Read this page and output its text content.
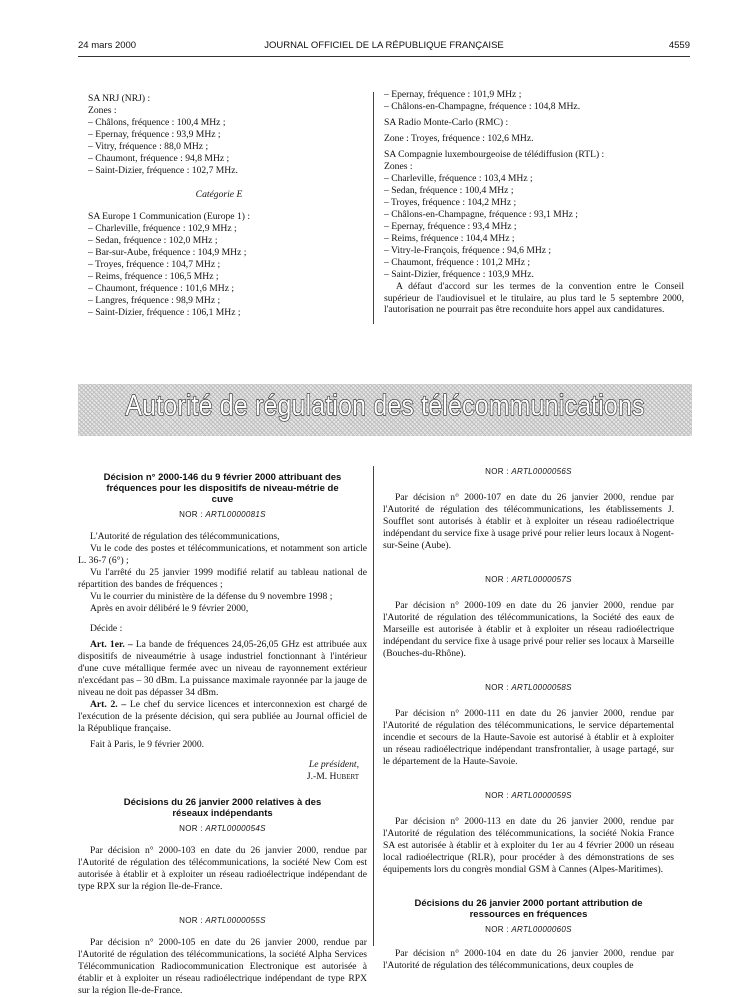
24 mars 2000	JOURNAL OFFICIEL DE LA RÉPUBLIQUE FRANÇAISE	4559

SA NRJ (NRJ) :

Zones :

– Châlons, fréquence : 100,4 MHz ;

– Epernay, fréquence : 93,9 MHz ;

– Vitry, fréquence : 88,0 MHz ;

– Chaumont, fréquence : 94,8 MHz ;

– Saint-Dizier, fréquence : 102,7 MHz.

Catégorie E

SA Europe 1 Communication (Europe 1) :

– Charleville, fréquence : 102,9 MHz ;

– Sedan, fréquence : 102,0 MHz ;

– Bar-sur-Aube, fréquence : 104,9 MHz ;

– Troyes, fréquence : 104,7 MHz ;

– Reims, fréquence : 106,5 MHz ;

– Chaumont, fréquence : 101,6 MHz ;

– Langres, fréquence : 98,9 MHz ;

– Saint-Dizier, fréquence : 106,1 MHz ;

– Epernay, fréquence : 101,9 MHz ;

– Châlons-en-Champagne, fréquence : 104,8 MHz.

SA Radio Monte-Carlo (RMC) :

Zone : Troyes, fréquence : 102,6 MHz.

SA Compagnie luxembourgeoise de télédiffusion (RTL) :

Zones :

– Charleville, fréquence : 103,4 MHz ;

– Sedan, fréquence : 100,4 MHz ;

– Troyes, fréquence : 104,2 MHz ;

– Châlons-en-Champagne, fréquence : 93,1 MHz ;

– Epernay, fréquence : 93,4 MHz ;

– Reims, fréquence : 104,4 MHz ;

– Vitry-le-François, fréquence : 94,6 MHz ;

– Chaumont, fréquence : 101,2 MHz ;

– Saint-Dizier, fréquence : 103,9 MHz.

A défaut d'accord sur les termes de la convention entre le Conseil supérieur de l'audiovisuel et le titulaire, au plus tard le 5 septembre 2000, l'autorisation ne pourrait pas être reconduite hors appel aux candidatures.

Autorité de régulation des télécommunications

Décision n° 2000-146 du 9 février 2000 attribuant des fréquences pour les dispositifs de niveau-métrie de cuve

NOR : ARTL0000081S

L'Autorité de régulation des télécommunications,

Vu le code des postes et télécommunications, et notamment son article L. 36-7 (6°) ;

Vu l'arrêté du 25 janvier 1999 modifié relatif au tableau national de répartition des bandes de fréquences ;

Vu le courrier du ministère de la défense du 9 novembre 1998 ;

Après en avoir délibéré le 9 février 2000,

Décide :

Art. 1er. – La bande de fréquences 24,05-26,05 GHz est attribuée aux dispositifs de niveaumétrie à usage industriel fonctionnant à l'intérieur d'une cuve métallique fermée avec un niveau de rayonnement extérieur n'excédant pas – 30 dBm. La puissance maximale rayonnée par la jauge de niveau ne doit pas dépasser 34 dBm.

Art. 2. – Le chef du service licences et interconnexion est chargé de l'exécution de la présente décision, qui sera publiée au Journal officiel de la République française.

Fait à Paris, le 9 février 2000.

Le président,

J.-M. Hubert

Décisions du 26 janvier 2000 relatives à des réseaux indépendants

NOR : ARTL0000054S

Par décision n° 2000-103 en date du 26 janvier 2000, rendue par l'Autorité de régulation des télécommunications, la société New Com est autorisée à établir et à exploiter un réseau radioélectrique indépendant de type RPX sur la région Ile-de-France.

NOR : ARTL0000055S

Par décision n° 2000-105 en date du 26 janvier 2000, rendue par l'Autorité de régulation des télécommunications, la société Alpha Services Télécommunication Radiocommunication Electronique est autorisée à établir et à exploiter un réseau radioélectrique indépendant de type RPX sur la région Ile-de-France.

NOR : ARTL0000056S

Par décision n° 2000-107 en date du 26 janvier 2000, rendue par l'Autorité de régulation des télécommunications, les établissements J. Soufflet sont autorisés à établir et à exploiter un réseau radioélectrique indépendant du service fixe à usage privé pour relier leurs locaux à Nogent-sur-Seine (Aube).

NOR : ARTL0000057S

Par décision n° 2000-109 en date du 26 janvier 2000, rendue par l'Autorité de régulation des télécommunications, la Société des eaux de Marseille est autorisée à établir et à exploiter un réseau radioélectrique indépendant du service fixe à usage privé pour relier ses locaux à Marseille (Bouches-du-Rhône).

NOR : ARTL0000058S

Par décision n° 2000-111 en date du 26 janvier 2000, rendue par l'Autorité de régulation des télécommunications, le service départemental incendie et secours de la Haute-Savoie est autorisé à établir et à exploiter un réseau radioélectrique indépendant transfrontalier, à usage partagé, sur le département de la Haute-Savoie.

NOR : ARTL0000059S

Par décision n° 2000-113 en date du 26 janvier 2000, rendue par l'Autorité de régulation des télécommunications, la société Nokia France SA est autorisée à établir et à exploiter du 1er au 4 février 2000 un réseau local radioélectrique (RLR), pour procéder à des démonstrations de ses équipements lors du congrès mondial GSM à Cannes (Alpes-Maritimes).

Décisions du 26 janvier 2000 portant attribution de ressources en fréquences

NOR : ARTL0000060S

Par décision n° 2000-104 en date du 26 janvier 2000, rendue par l'Autorité de régulation des télécommunications, deux couples de
